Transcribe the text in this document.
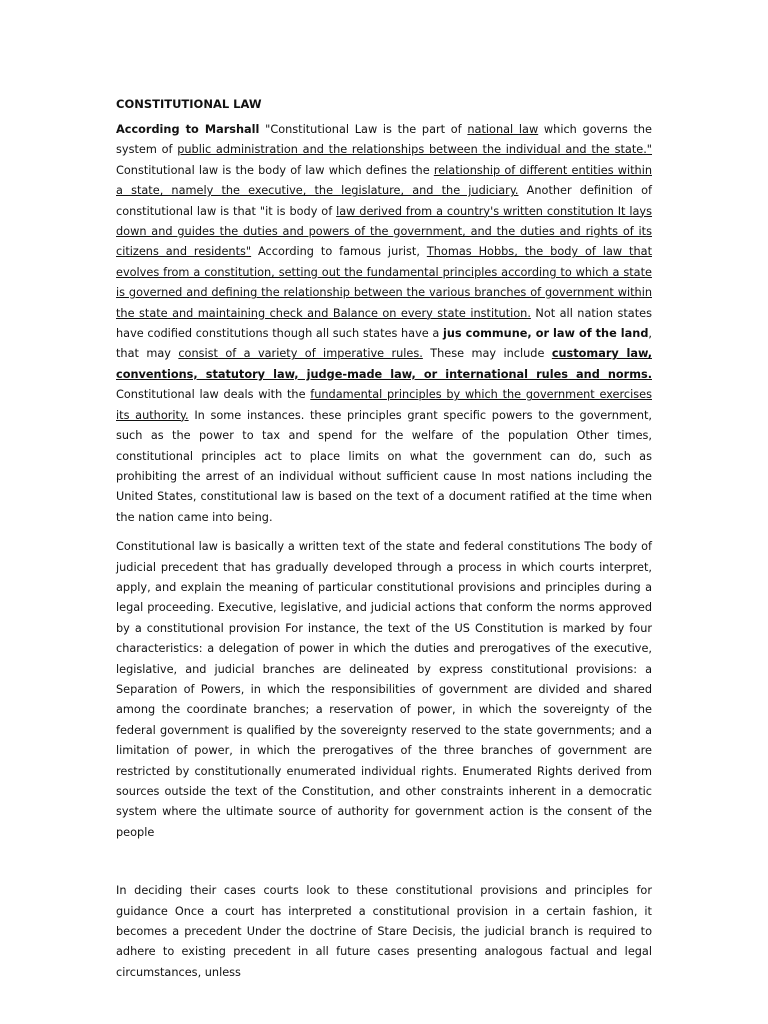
CONSTITUTIONAL LAW

According to Marshall "Constitutional Law is the part of national law which governs the system of public administration and the relationships between the individual and the state." Constitutional law is the body of law which defines the relationship of different entities within a state, namely the executive, the legislature, and the judiciary. Another definition of constitutional law is that "it is body of law derived from a country's written constitution It lays down and guides the duties and powers of the government, and the duties and rights of its citizens and residents" According to famous jurist, Thomas Hobbs, the body of law that evolves from a constitution, setting out the fundamental principles according to which a state is governed and defining the relationship between the various branches of government within the state and maintaining check and Balance on every state institution. Not all nation states have codified constitutions though all such states have a jus commune, or law of the land, that may consist of a variety of imperative rules. These may include customary law, conventions, statutory law, judge-made law, or international rules and norms. Constitutional law deals with the fundamental principles by which the government exercises its authority. In some instances. these principles grant specific powers to the government, such as the power to tax and spend for the welfare of the population Other times, constitutional principles act to place limits on what the government can do, such as prohibiting the arrest of an individual without sufficient cause In most nations including the United States, constitutional law is based on the text of a document ratified at the time when the nation came into being.

Constitutional law is basically a written text of the state and federal constitutions The body of judicial precedent that has gradually developed through a process in which courts interpret, apply, and explain the meaning of particular constitutional provisions and principles during a legal proceeding. Executive, legislative, and judicial actions that conform the norms approved by a constitutional provision For instance, the text of the US Constitution is marked by four characteristics: a delegation of power in which the duties and prerogatives of the executive, legislative, and judicial branches are delineated by express constitutional provisions: a Separation of Powers, in which the responsibilities of government are divided and shared among the coordinate branches; a reservation of power, in which the sovereignty of the federal government is qualified by the sovereignty reserved to the state governments; and a limitation of power, in which the prerogatives of the three branches of government are restricted by constitutionally enumerated individual rights. Enumerated Rights derived from sources outside the text of the Constitution, and other constraints inherent in a democratic system where the ultimate source of authority for government action is the consent of the people

In deciding their cases courts look to these constitutional provisions and principles for guidance Once a court has interpreted a constitutional provision in a certain fashion, it becomes a precedent Under the doctrine of Stare Decisis, the judicial branch is required to adhere to existing precedent in all future cases presenting analogous factual and legal circumstances, unless
